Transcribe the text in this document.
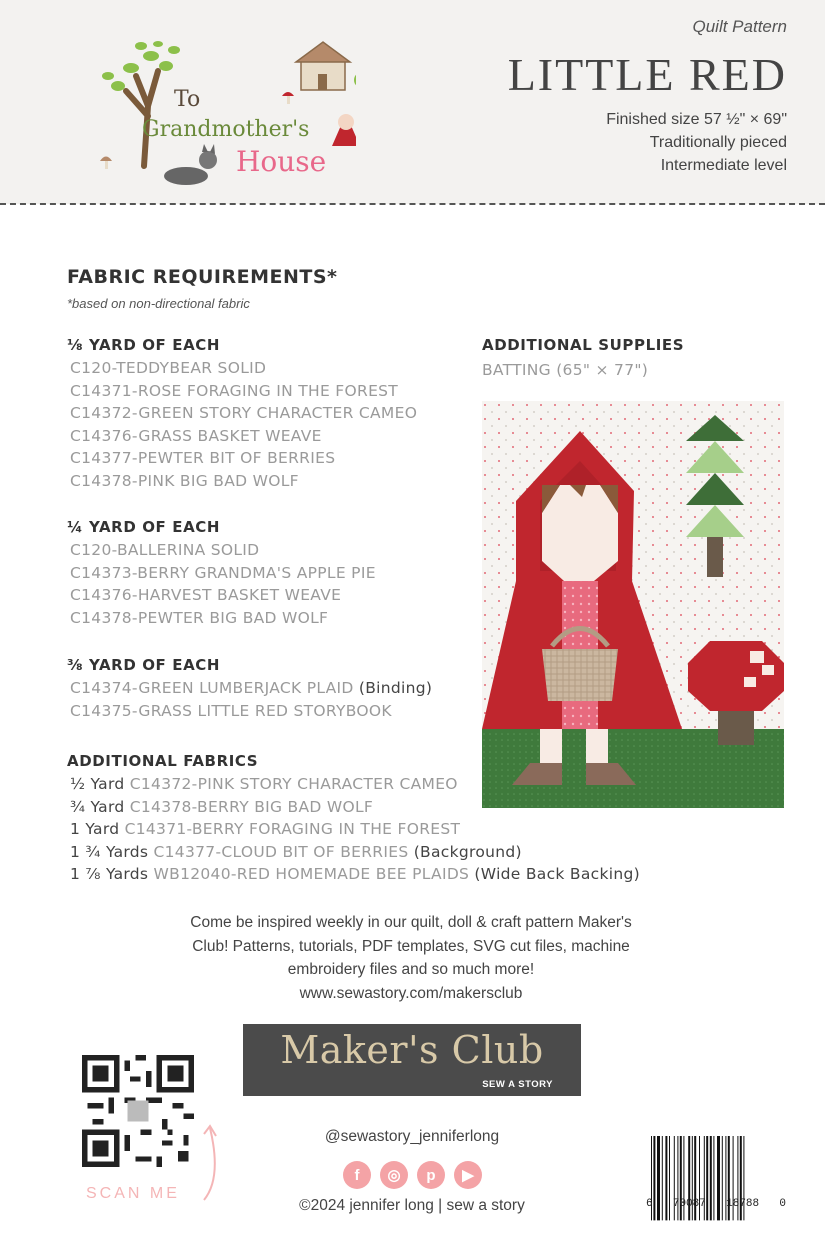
To
Grandmother's
House
Quilt Pattern
LITTLE RED
Finished size 57 ½" × 69"
Traditionally pieced
Intermediate level
FABRIC REQUIREMENTS*
*based on non-directional fabric
⅛ YARD OF EACH
C120-TEDDYBEAR SOLID
C14371-ROSE FORAGING IN THE FOREST
C14372-GREEN STORY CHARACTER CAMEO
C14376-GRASS BASKET WEAVE
C14377-PEWTER BIT OF BERRIES
C14378-PINK BIG BAD WOLF
¼ YARD OF EACH
C120-BALLERINA SOLID
C14373-BERRY GRANDMA'S APPLE PIE
C14376-HARVEST BASKET WEAVE
C14378-PEWTER BIG BAD WOLF
⅜ YARD OF EACH
C14374-GREEN LUMBERJACK PLAID (Binding)
C14375-GRASS LITTLE RED STORYBOOK
ADDITIONAL FABRICS
½ Yard C14372-PINK STORY CHARACTER CAMEO
¾ Yard C14378-BERRY BIG BAD WOLF
1 Yard C14371-BERRY FORAGING IN THE FOREST
1 ¾ Yards C14377-CLOUD BIT OF BERRIES (Background)
1 ⅞ Yards WB12040-RED HOMEMADE BEE PLAIDS (Wide Back Backing)
ADDITIONAL SUPPLIES
BATTING (65" × 77")
Come be inspired weekly in our quilt, doll & craft pattern Maker's
Club! Patterns, tutorials, PDF templates, SVG cut files, machine
embroidery files and so much more!
www.sewastory.com/makersclub
Maker's Club
SEW A STORY
SCAN ME
@sewastory_jenniferlong
f	◎	p	▶
©2024 jennifer long | sew a story	6 70087 18788 0
